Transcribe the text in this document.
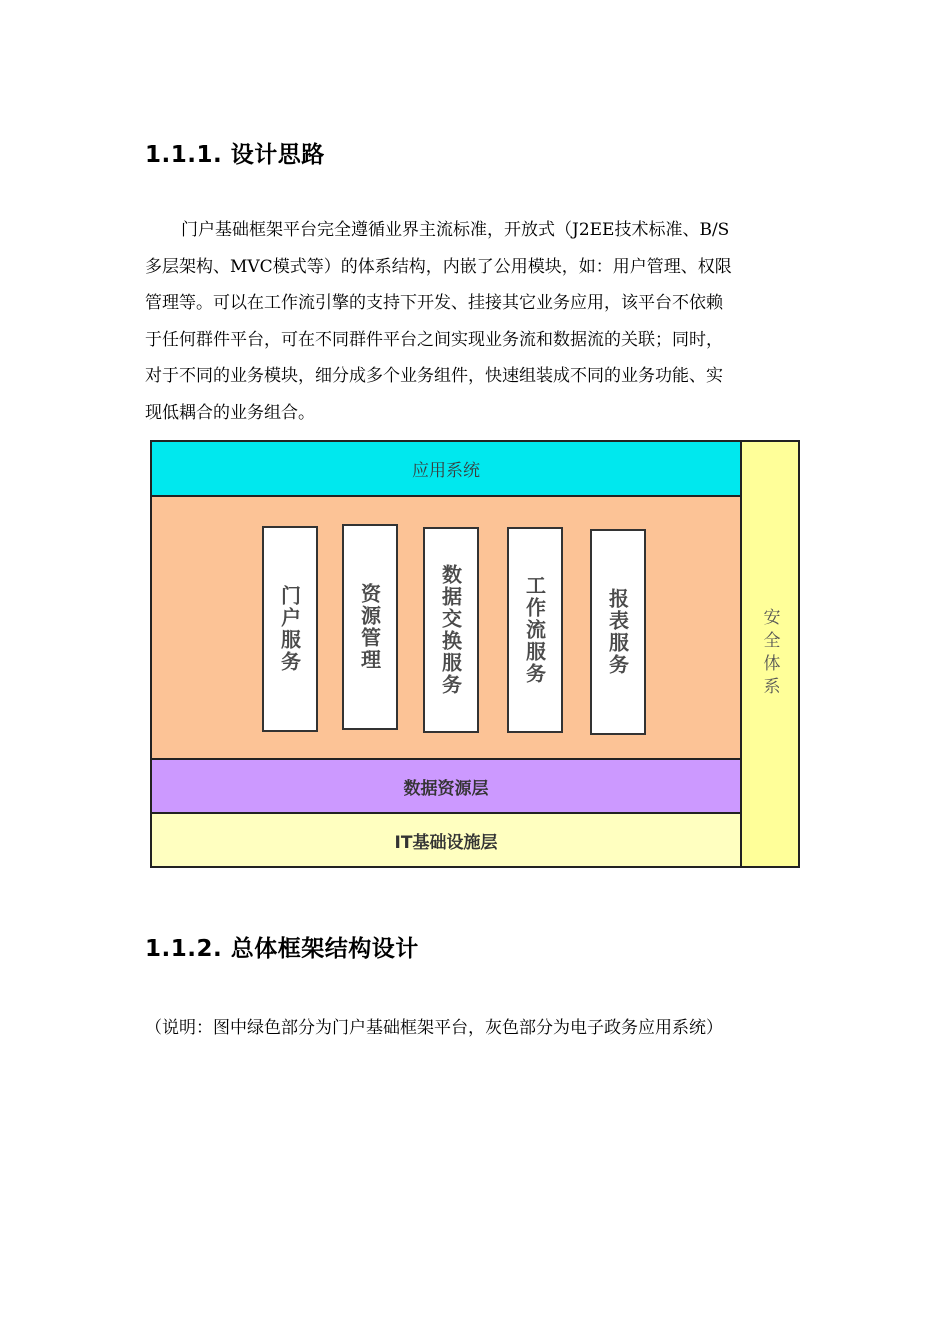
1.1.1. 设计思路
门户基础框架平台完全遵循业界主流标准，开放式（J2EE技术标准、B/S
多层架构、MVC模式等）的体系结构，内嵌了公用模块，如：用户管理、权限
管理等。可以在工作流引擎的支持下开发、挂接其它业务应用，该平台不依赖
于任何群件平台，可在不同群件平台之间实现业务流和数据流的关联；同时，
对于不同的业务模块，细分成多个业务组件，快速组装成不同的业务功能、实
现低耦合的业务组合。
应用系统
门户服务	资源管理	数据交换服务	工作流服务	报表服务
数据资源层
IT基础设施层
安全体系
1.1.2. 总体框架结构设计
（说明：图中绿色部分为门户基础框架平台，灰色部分为电子政务应用系统）
